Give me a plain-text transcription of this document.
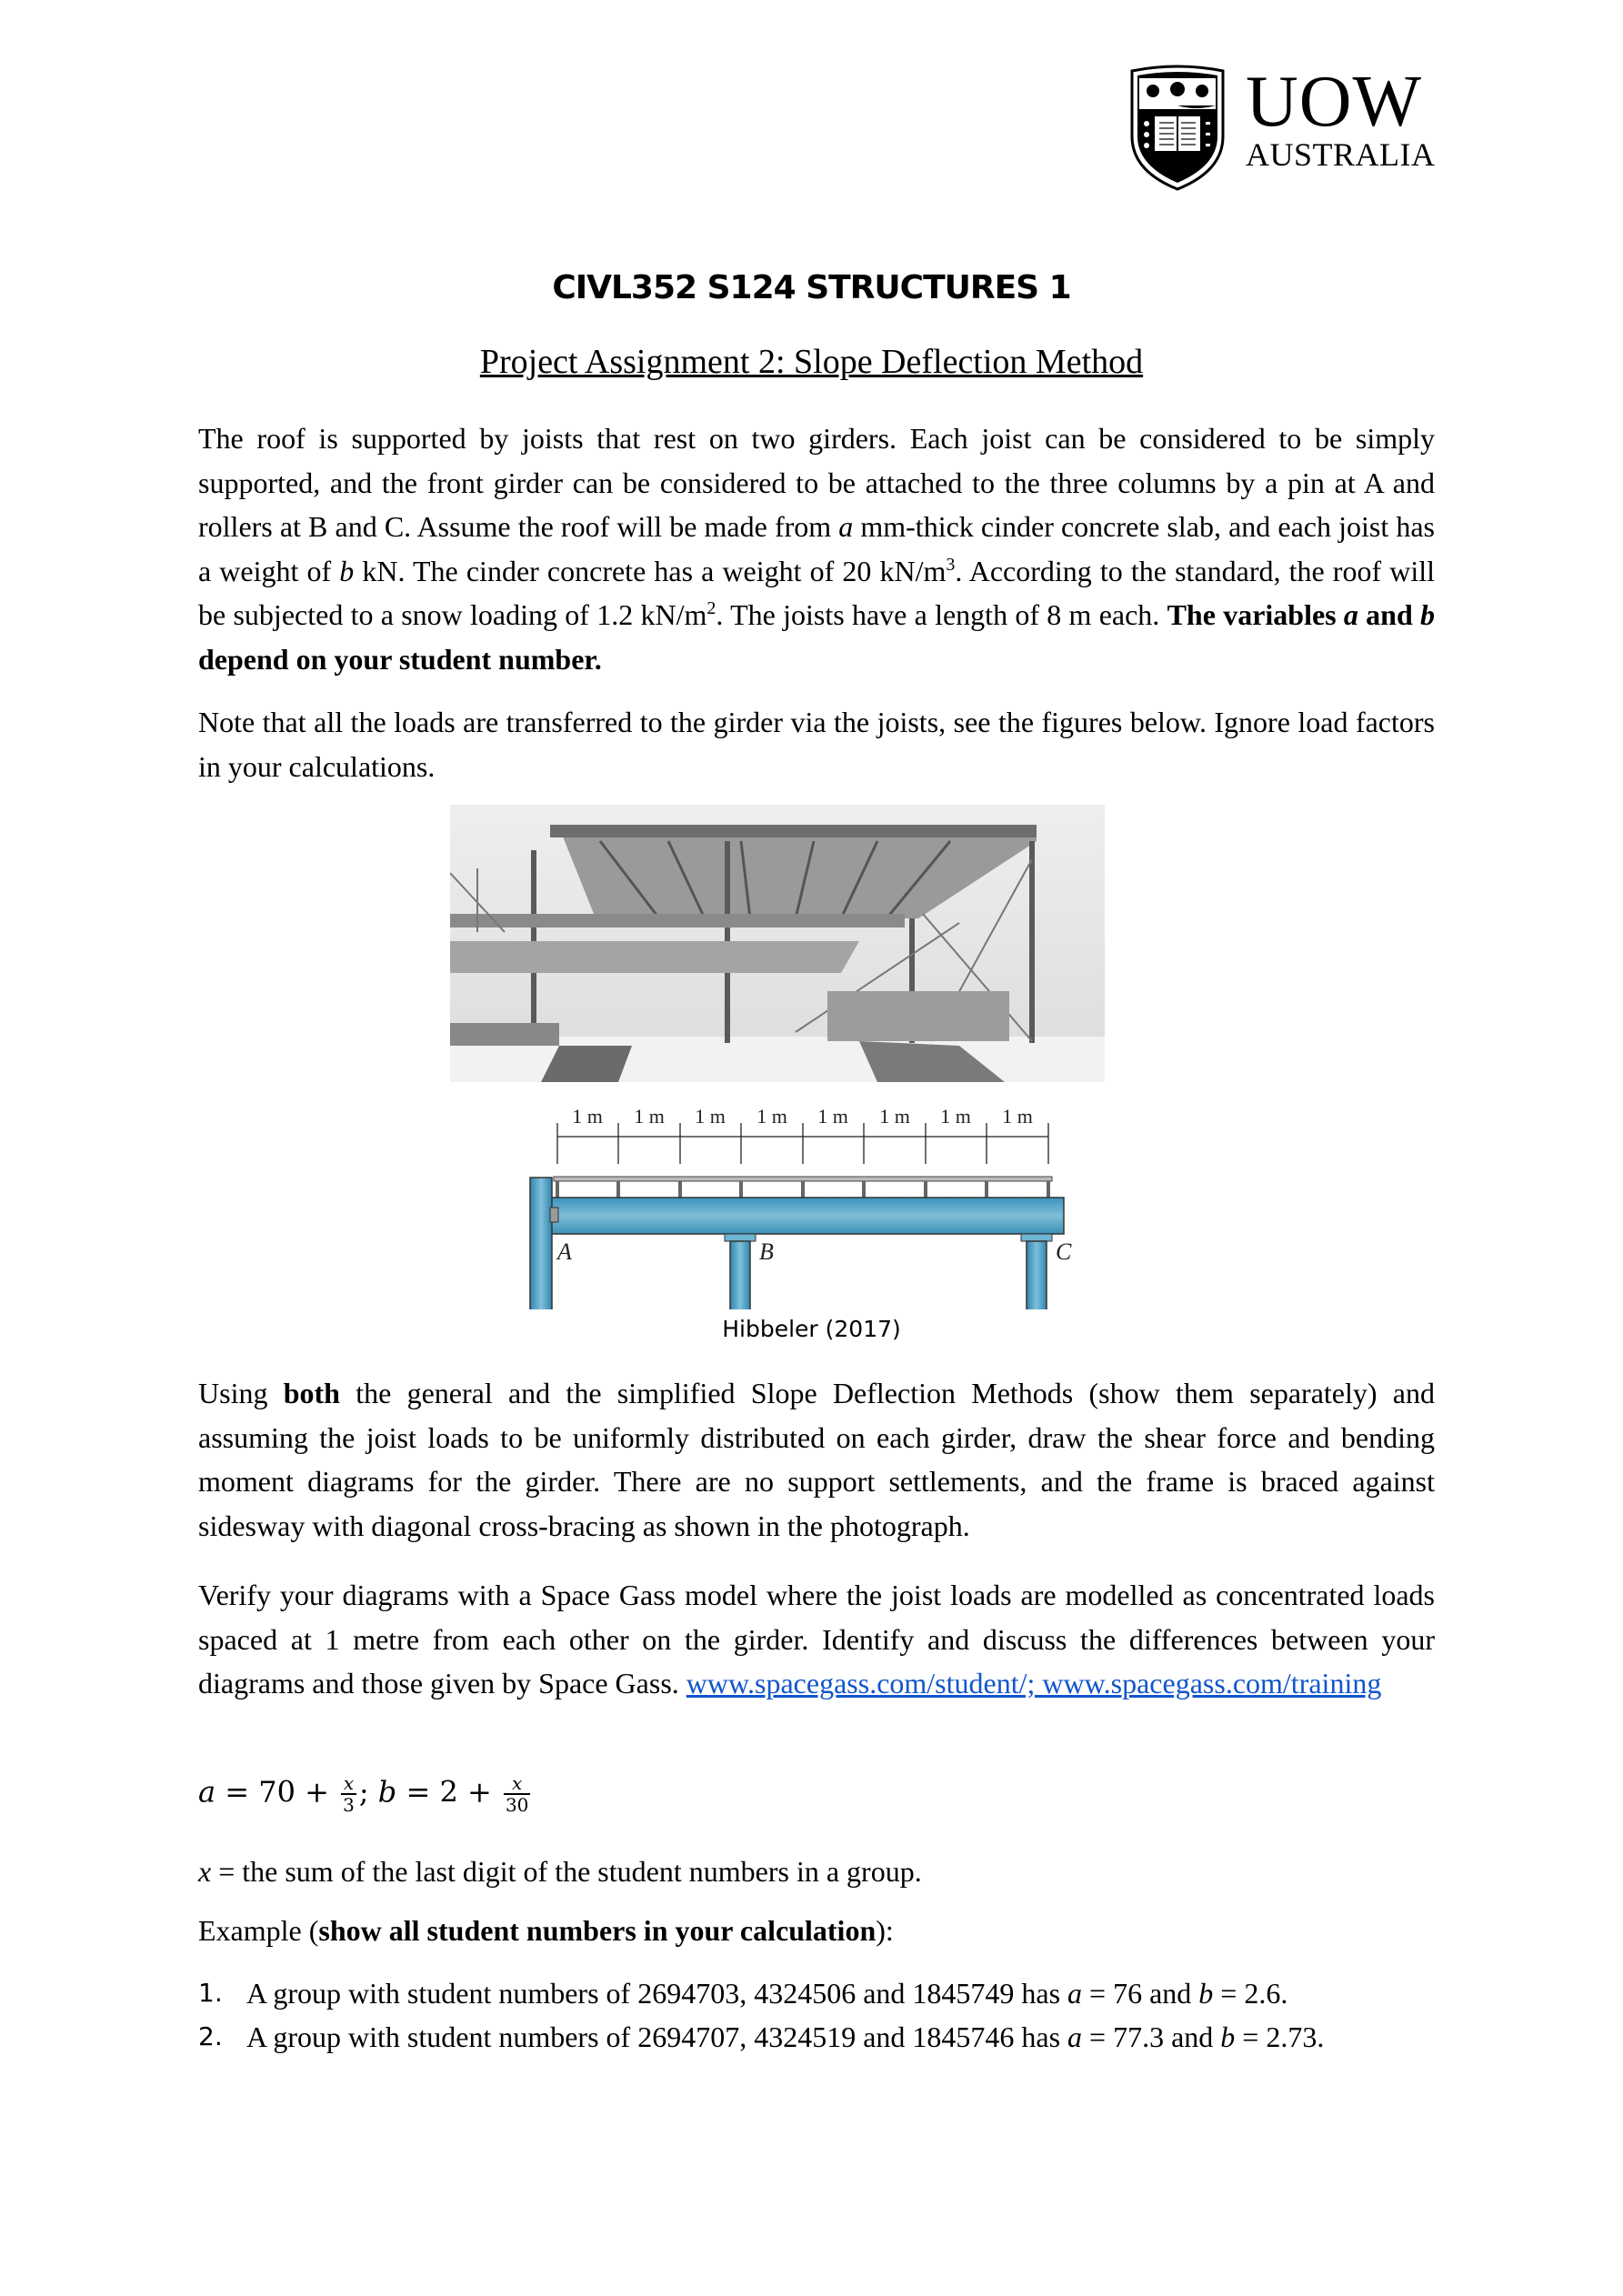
UOW
AUSTRALIA
CIVL352 S124 STRUCTURES 1
Project Assignment 2: Slope Deflection Method
The roof is supported by joists that rest on two girders. Each joist can be considered to be simply supported, and the front girder can be considered to be attached to the three columns by a pin at A and rollers at B and C. Assume the roof will be made from a mm-thick cinder concrete slab, and each joist has a weight of b kN. The cinder concrete has a weight of 20 $kN/m^3$. According to the standard, the roof will be subjected to a snow loading of 1.2 $kN/m^2$. The joists have a length of 8 m each. The variables a and b depend on your student number.
Note that all the loads are transferred to the girder via the joists, see the figures below. Ignore load factors in your calculations.
1 m 1 m 1 m 1 m 1 m 1 m 1 m 1 m
A	B	C
Hibbeler (2017)
Using both the general and the simplified Slope Deflection Methods (show them separately) and assuming the joist loads to be uniformly distributed on each girder, draw the shear force and bending moment diagrams for the girder. There are no support settlements, and the frame is braced against sidesway with diagonal cross-bracing as shown in the photograph.
Verify your diagrams with a Space Gass model where the joist loads are modelled as concentrated loads spaced at 1 metre from each other on the girder. Identify and discuss the differences between your diagrams and those given by Space Gass. www.spacegass.com/student/; www.spacegass.com/training
$a = 70 + \frac{x}{3}$ ; $b = 2 + \frac{x}{30}$
x = the sum of the last digit of the student numbers in a group.
Example (show all student numbers in your calculation):
1. A group with student numbers of 2694703, 4324506 and 1845749 has a = 76 and b = 2.6.
2. A group with student numbers of 2694707, 4324519 and 1845746 has a = 77.3 and b = 2.73.
